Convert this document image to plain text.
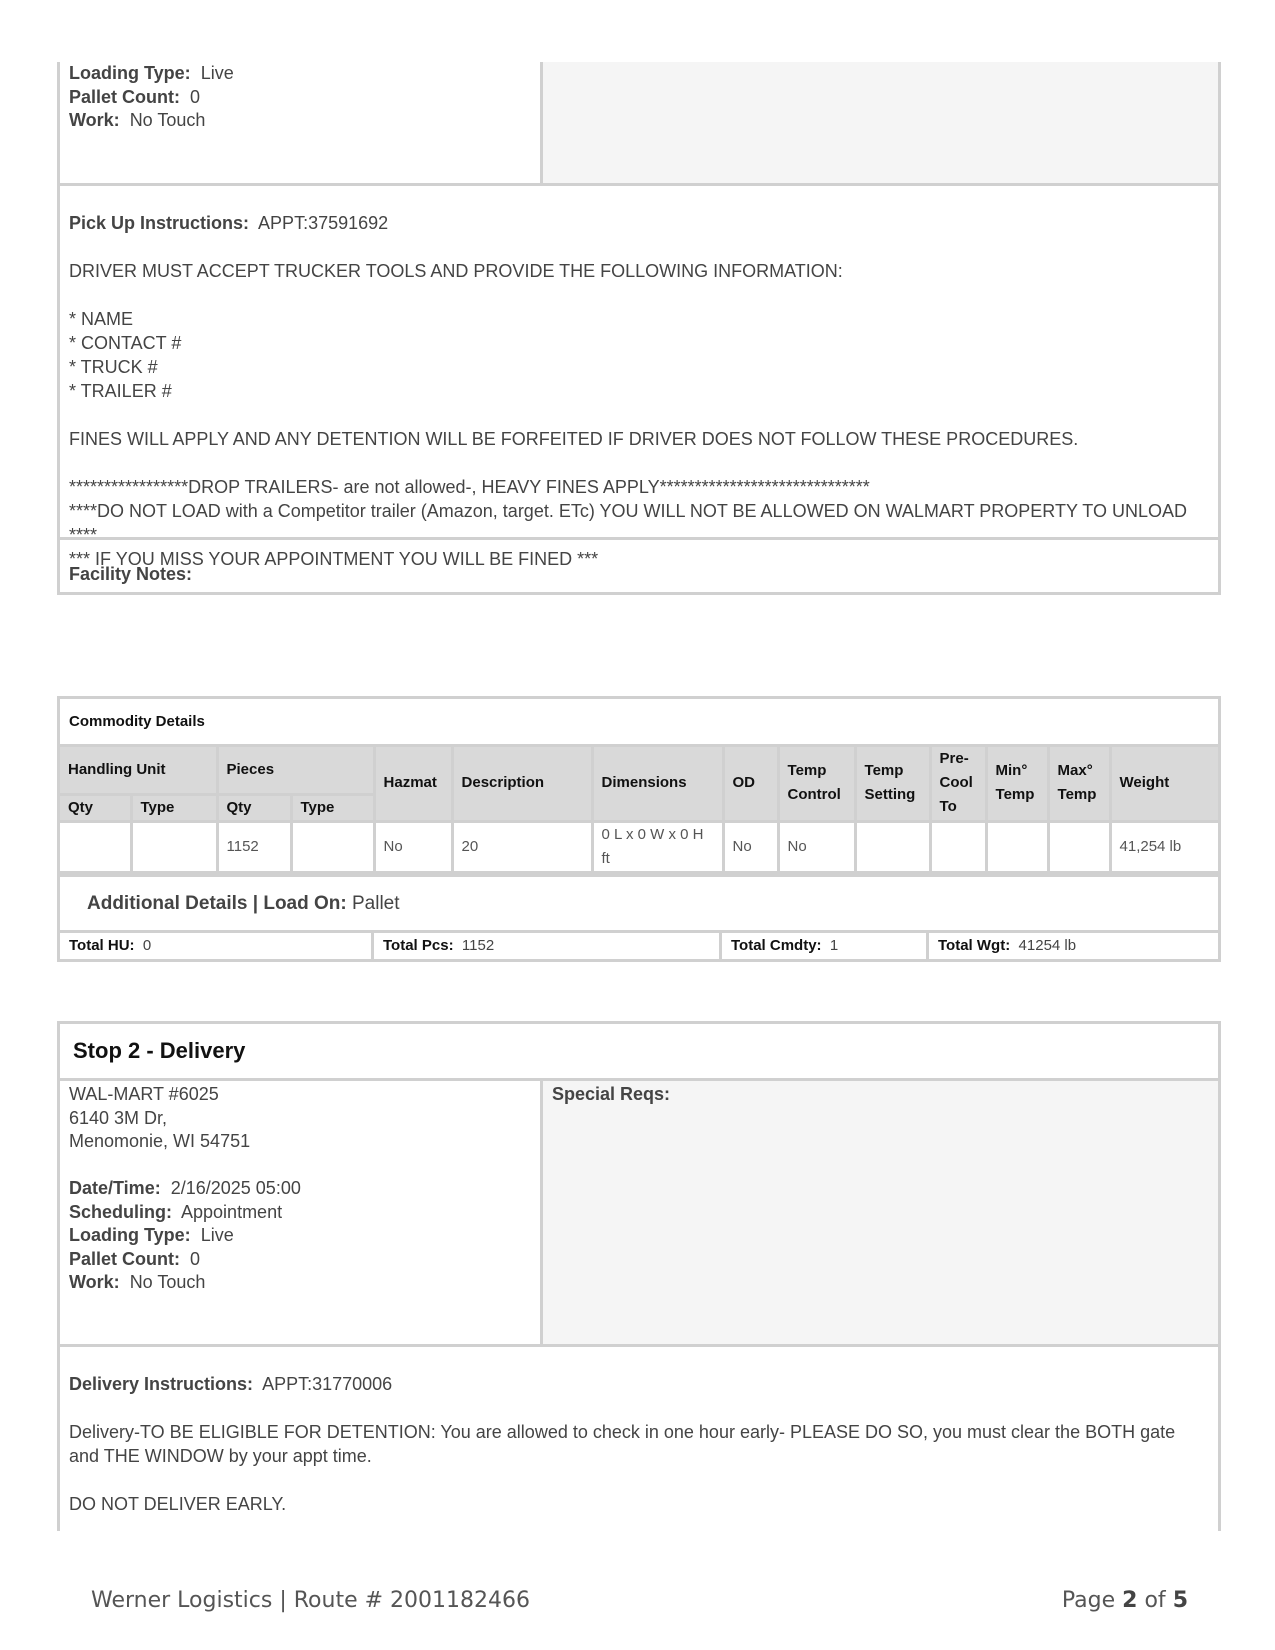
Loading Type: Live
Pallet Count: 0
Work: No Touch

Pick Up Instructions: APPT:37591692

DRIVER MUST ACCEPT TRUCKER TOOLS AND PROVIDE THE FOLLOWING INFORMATION:

* NAME

* CONTACT #

* TRUCK #

* TRAILER #

FINES WILL APPLY AND ANY DETENTION WILL BE FORFEITED IF DRIVER DOES NOT FOLLOW THESE PROCEDURES.

*****************DROP TRAILERS- are not allowed-, HEAVY FINES APPLY******************************

****DO NOT LOAD with a Competitor trailer (Amazon, target. ETc) YOU WILL NOT BE ALLOWED ON WALMART PROPERTY TO UNLOAD ****

*** IF YOU MISS YOUR APPOINTMENT YOU WILL BE FINED ***

Facility Notes:
Commodity Details
Handling Unit		Pieces		Hazmat	Description	Dimensions	OD	Temp Control	Temp Setting	Pre-Cool To	Min° Temp	Max° Temp	Weight
Qty	Type	Qty	Type										
		1152		No	20	0 L x 0 W x 0 H ft	No	No					41,254 lb
Additional Details | Load On: Pallet
Total HU: 0	Total Pcs: 1152	Total Cmdty: 1	Total Wgt: 41254 lb
Stop 2 - Delivery

WAL-MART #6025

6140 3M Dr,

Menomonie, WI 54751

Date/Time: 2/16/2025 05:00

Scheduling: Appointment

Loading Type: Live

Pallet Count: 0

Work: No Touch

Special Reqs:

Delivery Instructions: APPT:31770006

Delivery-TO BE ELIGIBLE FOR DETENTION: You are allowed to check in one hour early- PLEASE DO SO, you must clear the BOTH gate and THE WINDOW by your appt time.

DO NOT DELIVER EARLY.

Werner Logistics | Route # 2001182466	Page 2 of 5
